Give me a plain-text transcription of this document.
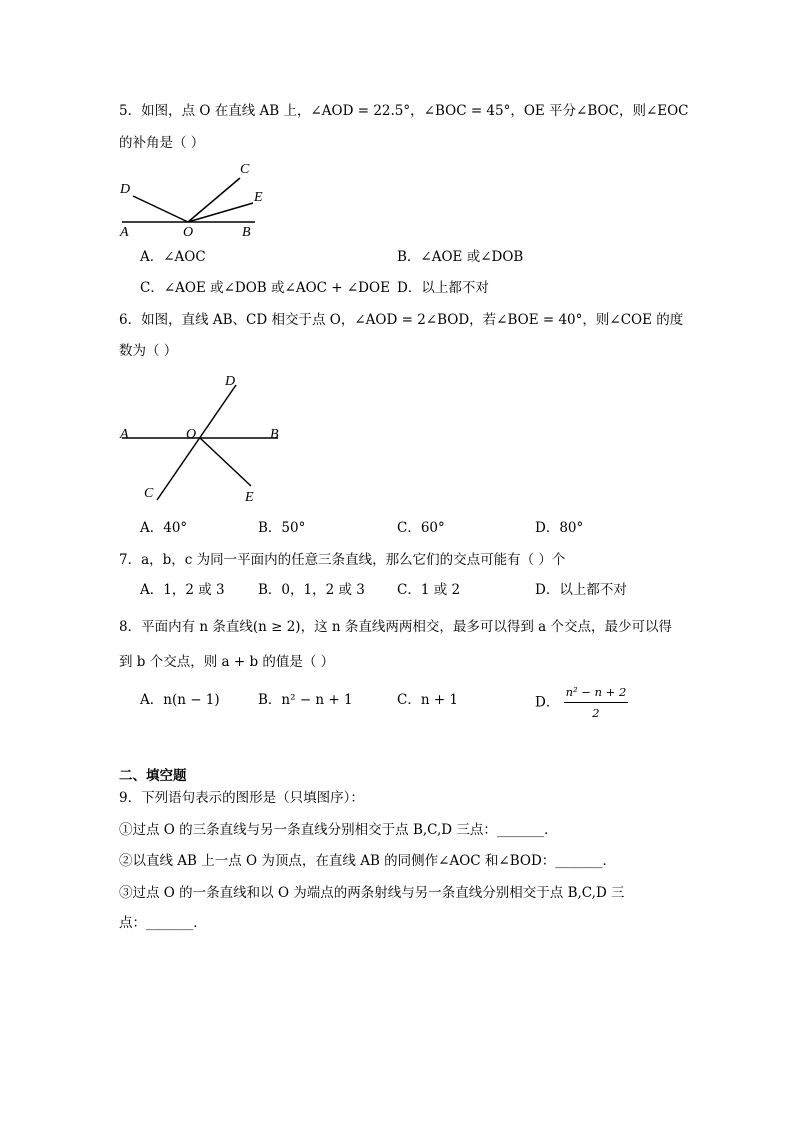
5．如图，点 O 在直线 AB 上，∠AOD = 22.5°，∠BOC = 45°，OE 平分∠BOC，则∠EOC
的补角是（ ）
D
C
E
A	O	B
A．∠AOC	B．∠AOE 或∠DOB
C．∠AOE 或∠DOB 或∠AOC + ∠DOE D．以上都不对
6．如图，直线 AB、CD 相交于点 O，∠AOD = 2∠BOD，若∠BOE = 40°，则∠COE 的度
数为（ ）
D
A	O	B
C	E
A．40°	B．50°	C．60°	D．80°
7．a，b，c 为同一平面内的任意三条直线，那么它们的交点可能有（ ）个
A．1，2 或 3 B．0，1，2 或 3 C．1 或 2	D．以上都不对
8．平面内有 n 条直线(n ≥ 2)，这 n 条直线两两相交，最多可以得到 a 个交点，最少可以得
到 b 个交点，则 a + b 的值是（ ）
A．n(n − 1)	B．n² − n + 1	C．n + 1	D． $\frac{\text{n² − n + 2}}{2}$
二、填空题
9．下列语句表示的图形是（只填图序）：
①过点 O 的三条直线与另一条直线分别相交于点 B,C,D 三点：_______．
②以直线 AB 上一点 O 为顶点，在直线 AB 的同侧作∠AOC 和∠BOD：_______．
③过点 O 的一条直线和以 O 为端点的两条射线与另一条直线分别相交于点 B,C,D 三
点：_______．
